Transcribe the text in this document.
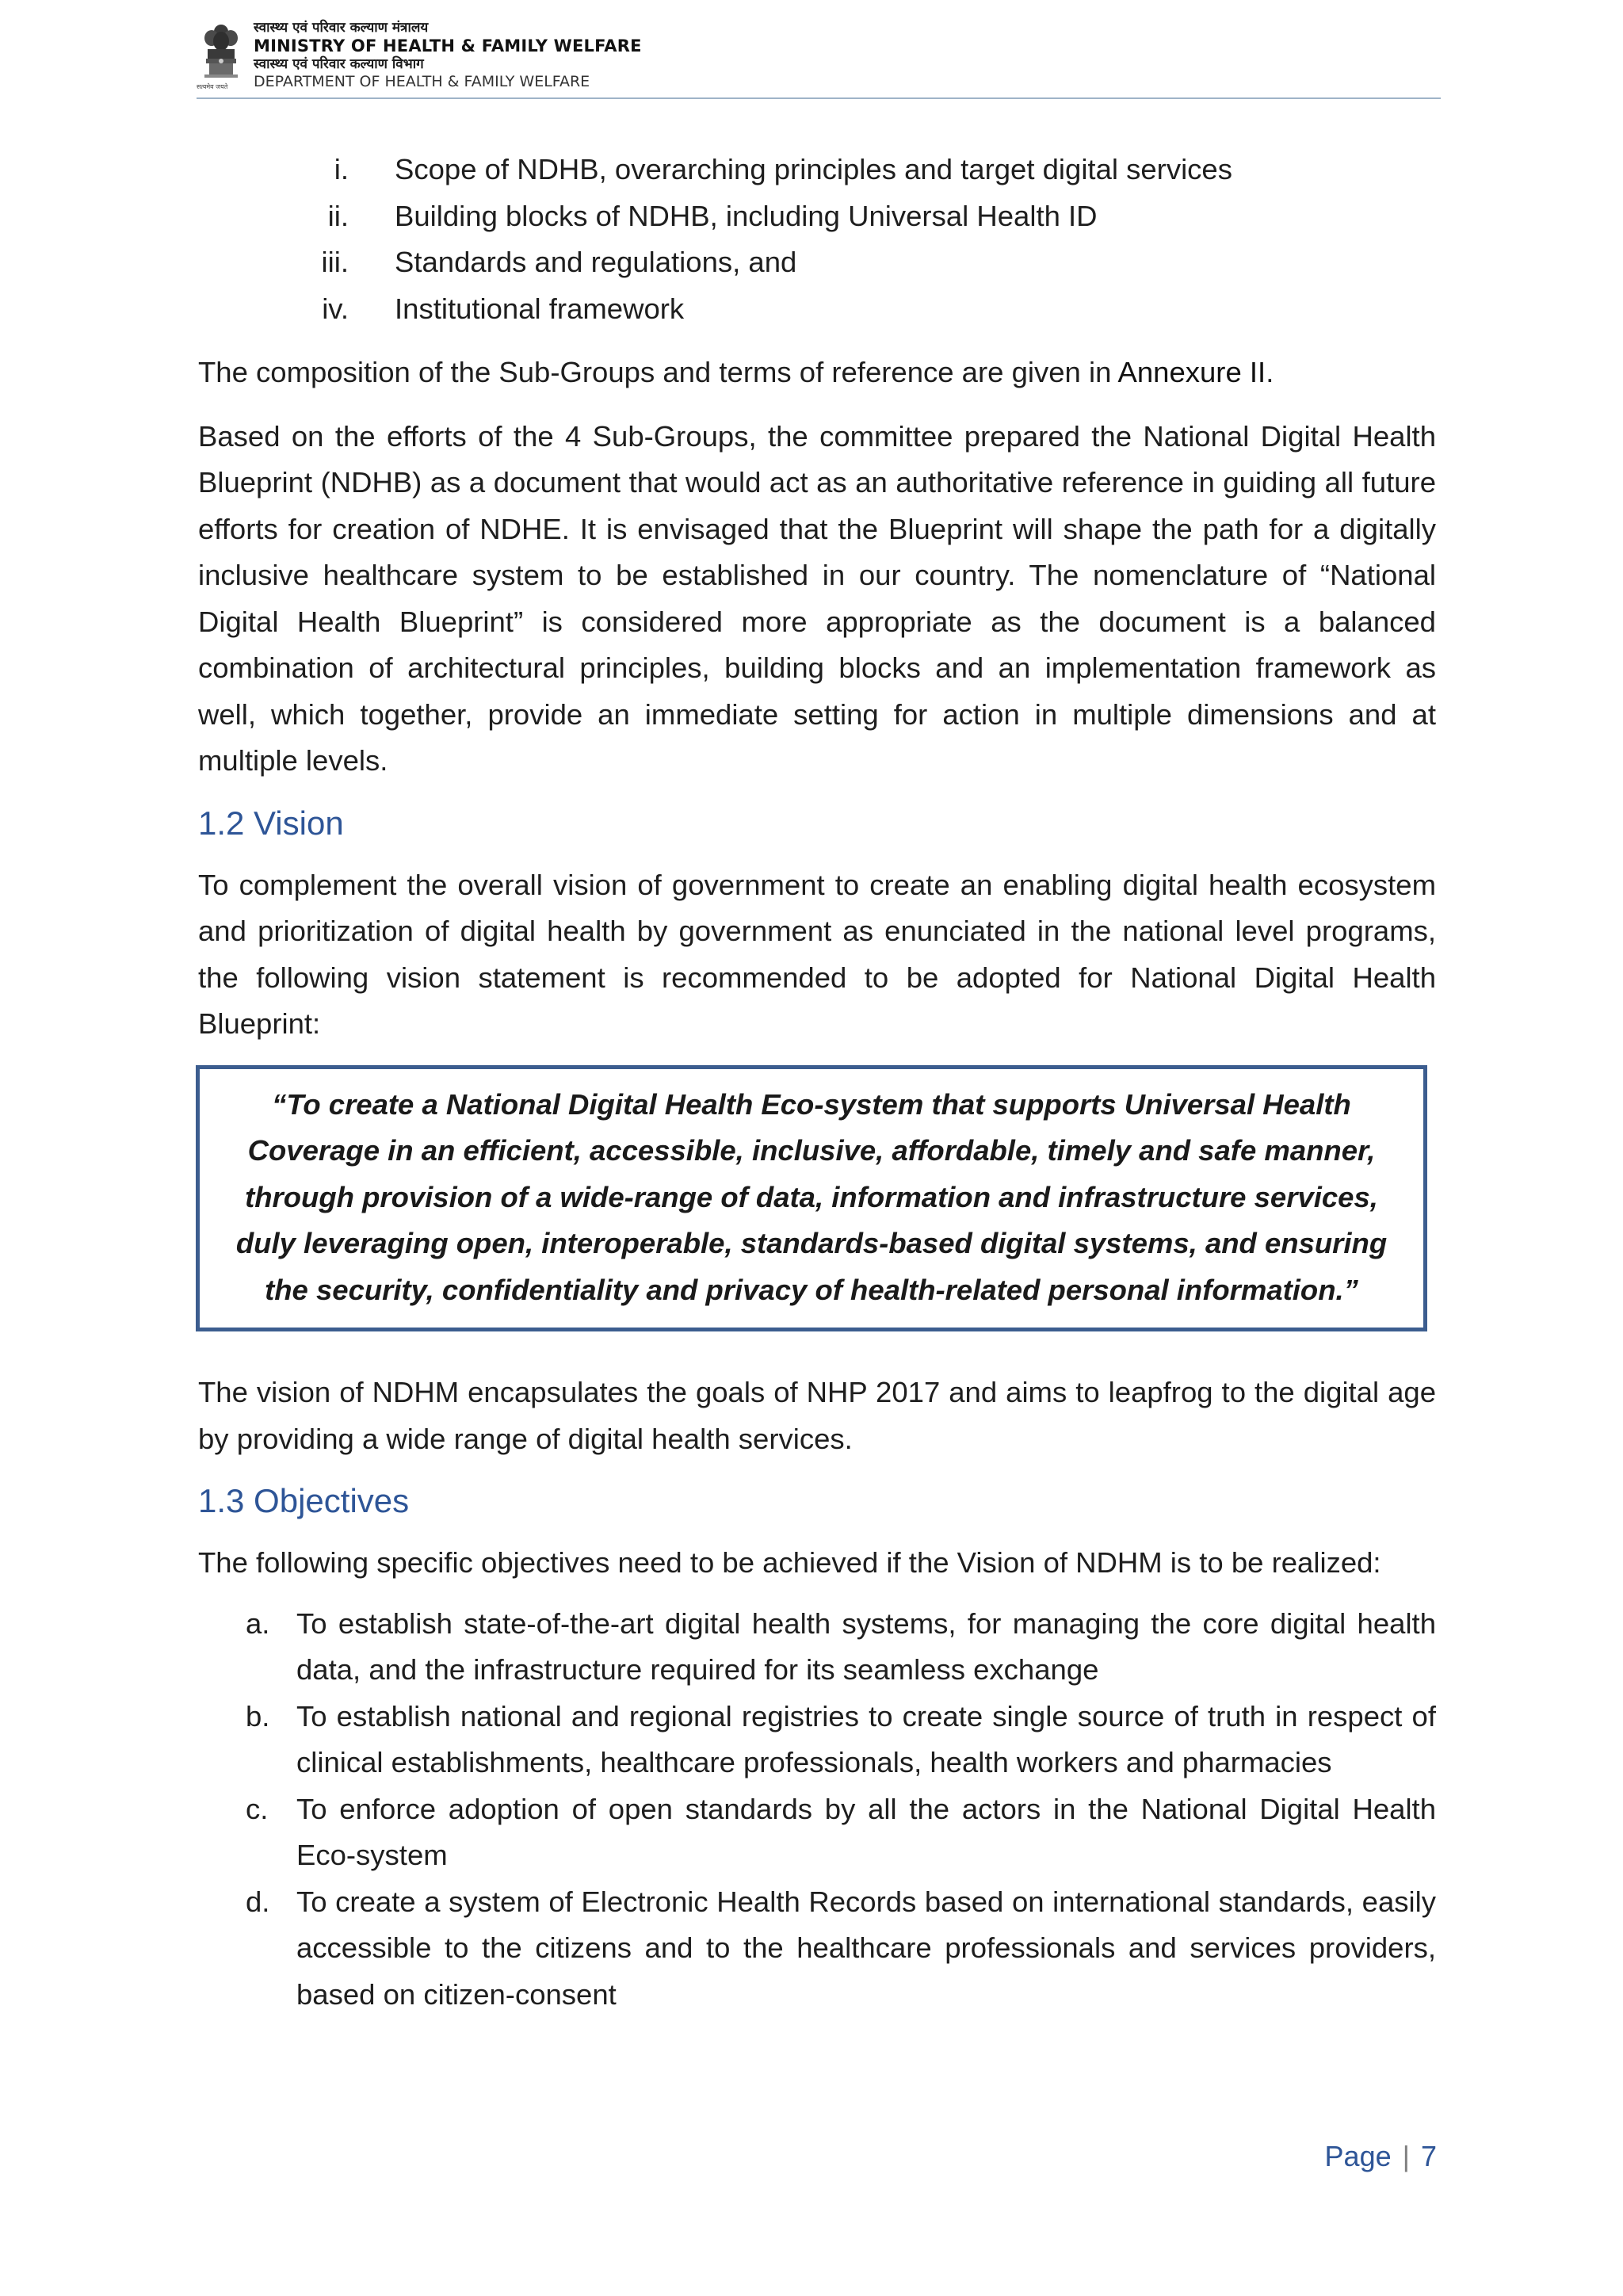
सत्यमेव जयते
स्वास्थ्य एवं परिवार कल्याण मंत्रालय
MINISTRY OF HEALTH & FAMILY WELFARE
स्वास्थ्य एवं परिवार कल्याण विभाग
DEPARTMENT OF HEALTH & FAMILY WELFARE
i. Scope of NDHB, overarching principles and target digital services
ii. Building blocks of NDHB, including Universal Health ID
iii. Standards and regulations, and
iv. Institutional framework

The composition of the Sub-Groups and terms of reference are given in Annexure II.

Based on the efforts of the 4 Sub-Groups, the committee prepared the National Digital Health Blueprint (NDHB) as a document that would act as an authoritative reference in guiding all future efforts for creation of NDHE. It is envisaged that the Blueprint will shape the path for a digitally inclusive healthcare system to be established in our country. The nomenclature of “National Digital Health Blueprint” is considered more appropriate as the document is a balanced combination of architectural principles, building blocks and an implementation framework as well, which together, provide an immediate setting for action in multiple dimensions and at multiple levels.

1.2 Vision

To complement the overall vision of government to create an enabling digital health ecosystem and prioritization of digital health by government as enunciated in the national level programs, the following vision statement is recommended to be adopted for National Digital Health Blueprint:

“To create a National Digital Health Eco-system that supports Universal Health
Coverage in an efficient, accessible, inclusive, affordable, timely and safe manner,
through provision of a wide-range of data, information and infrastructure services,
duly leveraging open, interoperable, standards-based digital systems, and ensuring
the security, confidentiality and privacy of health-related personal information.”

The vision of NDHM encapsulates the goals of NHP 2017 and aims to leapfrog to the digital age by providing a wide range of digital health services.

1.3 Objectives

The following specific objectives need to be achieved if the Vision of NDHM is to be realized:

a. To establish state-of-the-art digital health systems, for managing the core digital health data, and the infrastructure required for its seamless exchange
b. To establish national and regional registries to create single source of truth in respect of clinical establishments, healthcare professionals, health workers and pharmacies
c. To enforce adoption of open standards by all the actors in the National Digital Health Eco-system
d. To create a system of Electronic Health Records based on international standards, easily accessible to the citizens and to the healthcare professionals and services providers, based on citizen-consent
Page | 7
